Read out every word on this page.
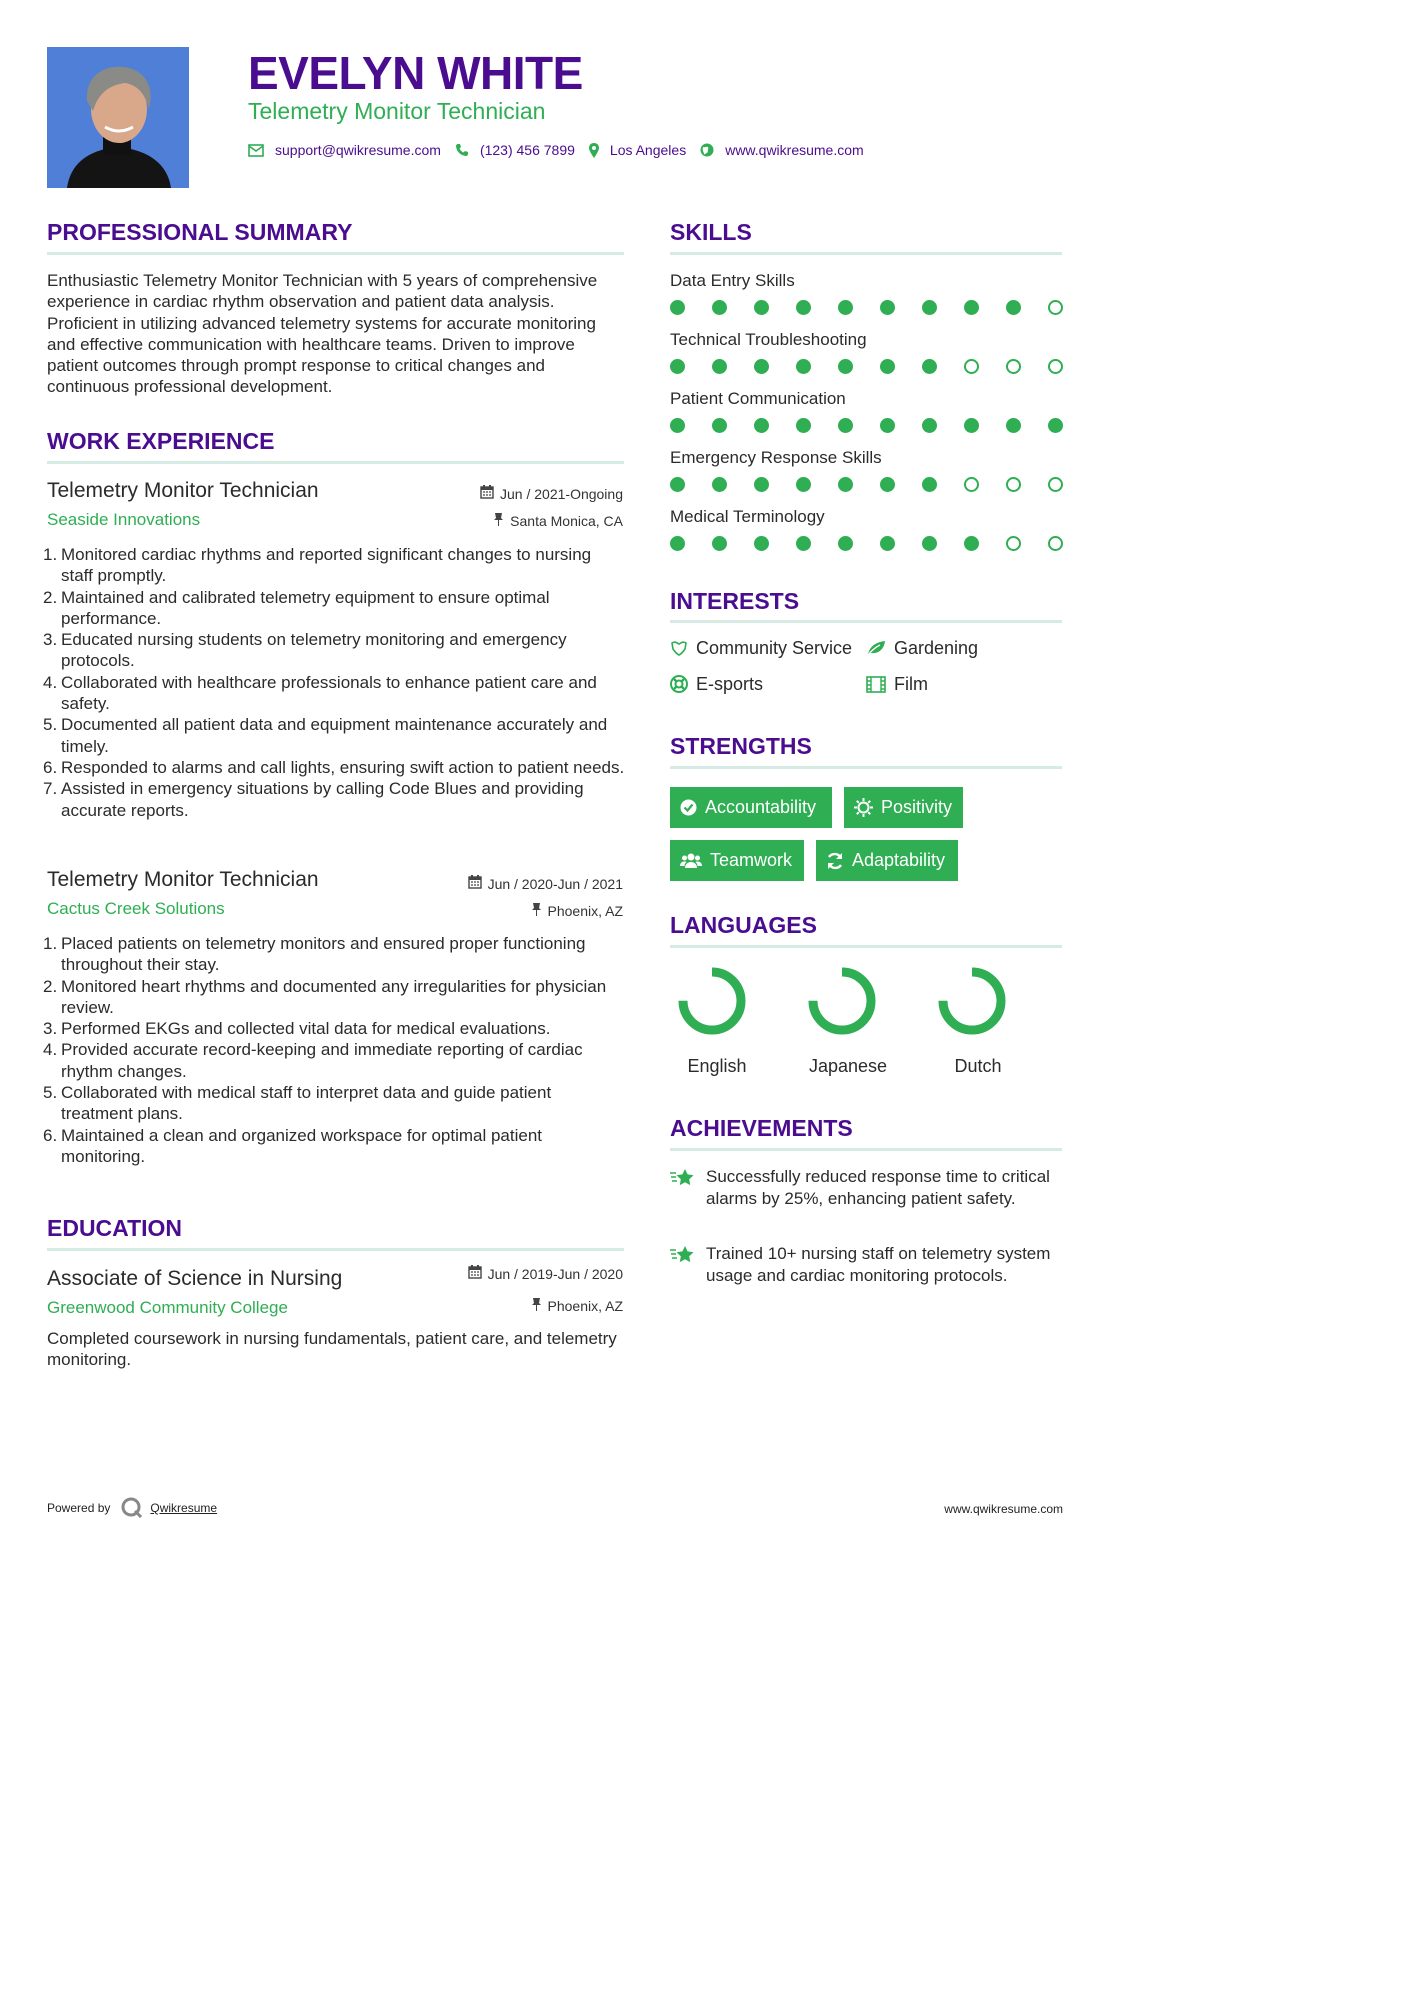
EVELYN WHITE
Telemetry Monitor Technician
support@qwikresume.com	(123) 456 7899	Los Angeles	www.qwikresume.com
PROFESSIONAL SUMMARY
Enthusiastic Telemetry Monitor Technician with 5 years of comprehensive experience in cardiac rhythm observation and patient data analysis. Proficient in utilizing advanced telemetry systems for accurate monitoring and effective communication with healthcare teams. Driven to improve patient outcomes through prompt response to critical changes and continuous professional development.
WORK EXPERIENCE
Telemetry Monitor Technician
Seaside Innovations
Jun / 2021-Ongoing
Santa Monica, CA
1. Monitored cardiac rhythms and reported significant changes to nursing staff promptly.
2. Maintained and calibrated telemetry equipment to ensure optimal performance.
3. Educated nursing students on telemetry monitoring and emergency protocols.
4. Collaborated with healthcare professionals to enhance patient care and safety.
5. Documented all patient data and equipment maintenance accurately and timely.
6. Responded to alarms and call lights, ensuring swift action to patient needs.
7. Assisted in emergency situations by calling Code Blues and providing accurate reports.
Telemetry Monitor Technician
Cactus Creek Solutions
Jun / 2020-Jun / 2021
Phoenix, AZ
1. Placed patients on telemetry monitors and ensured proper functioning throughout their stay.
2. Monitored heart rhythms and documented any irregularities for physician review.
3. Performed EKGs and collected vital data for medical evaluations.
4. Provided accurate record-keeping and immediate reporting of cardiac rhythm changes.
5. Collaborated with medical staff to interpret data and guide patient treatment plans.
6. Maintained a clean and organized workspace for optimal patient monitoring.
EDUCATION
Associate of Science in Nursing
Greenwood Community College
Jun / 2019-Jun / 2020
Phoenix, AZ
Completed coursework in nursing fundamentals, patient care, and telemetry monitoring.
SKILLS
Data Entry Skills
Technical Troubleshooting
Patient Communication
Emergency Response Skills
Medical Terminology
INTERESTS
Community Service Gardening
E-sports	Film
STRENGTHS
Accountability	Positivity
Teamwork	Adaptability
LANGUAGES
English	Japanese	Dutch
ACHIEVEMENTS
Successfully reduced response time to critical alarms by 25%, enhancing patient safety.
Trained 10+ nursing staff on telemetry system usage and cardiac monitoring protocols.
Powered by	Qwikresume	www.qwikresume.com
